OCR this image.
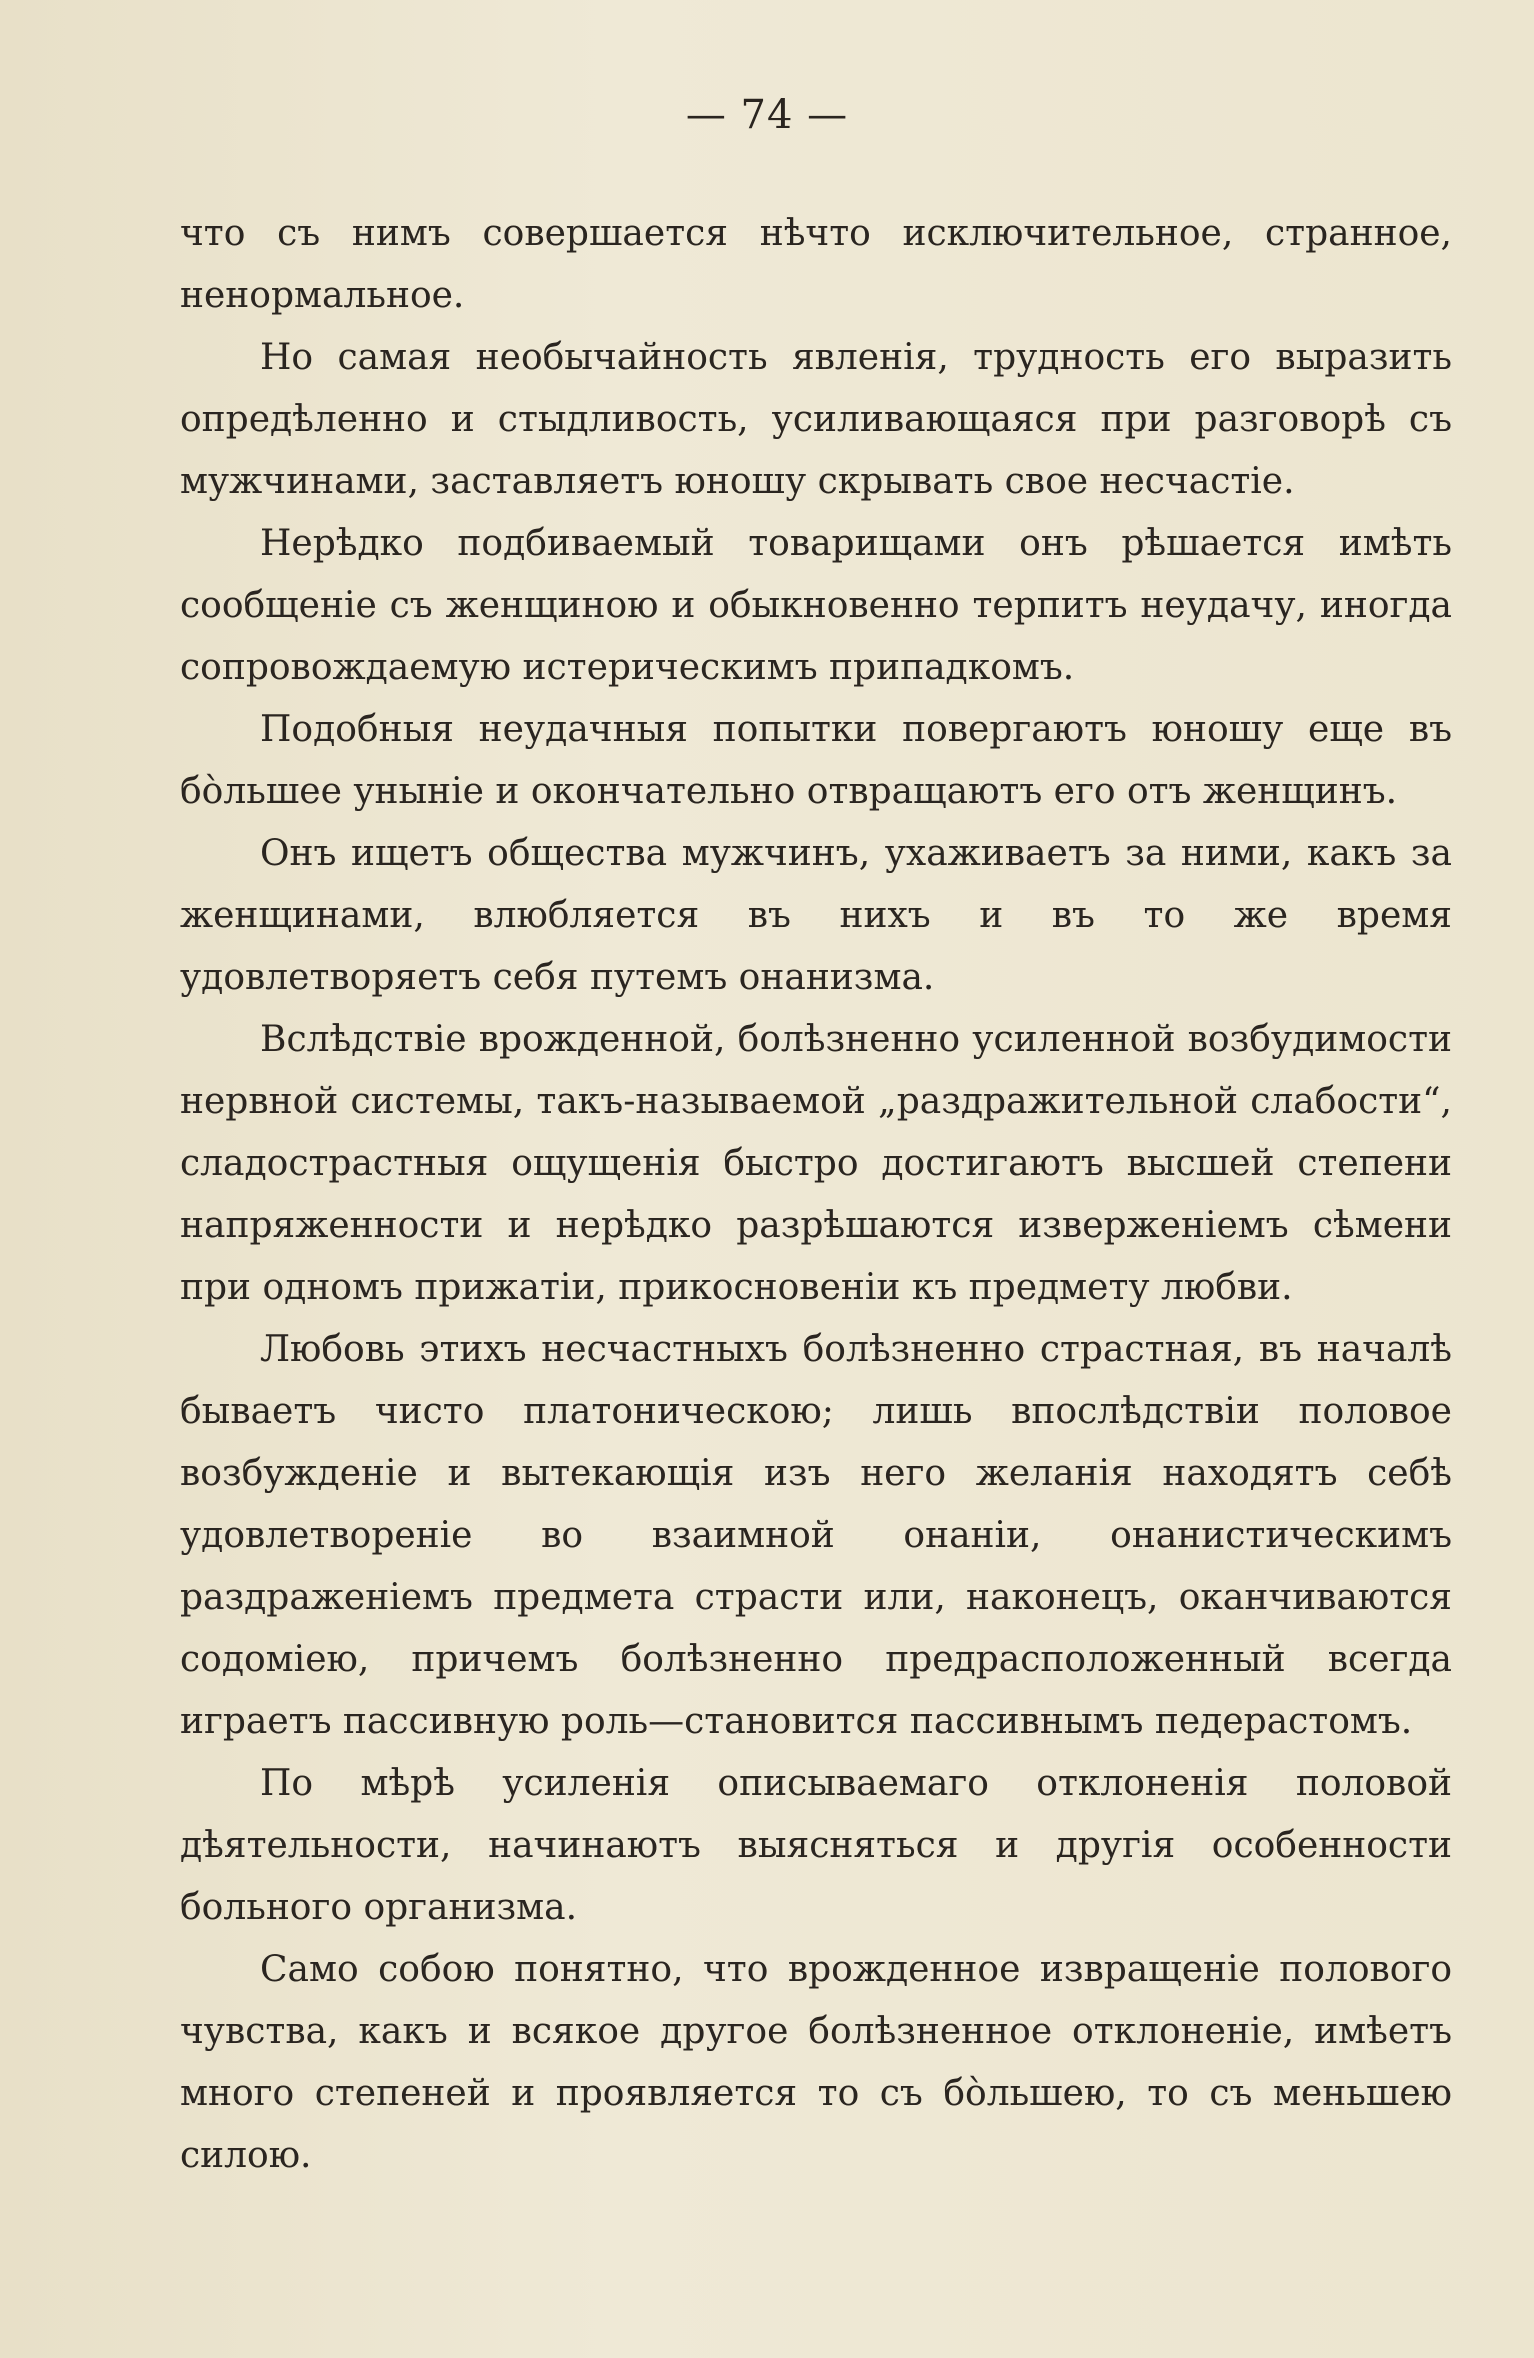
— 74 —

что съ нимъ совершается нѣчто исключительное, странное, ненормальное.

Но самая необычайность явленія, трудность его выразить опредѣленно и стыдливость, усиливающаяся при разговорѣ съ мужчинами, заставляетъ юношу скрывать свое несчастіе.

Нерѣдко подбиваемый товарищами онъ рѣшается имѣть сообщеніе съ женщиною и обыкновенно терпитъ неудачу, иногда сопровождаемую истерическимъ припадкомъ.

Подобныя неудачныя попытки повергаютъ юношу еще въ бо̀льшее уныніе и окончательно отвращаютъ его отъ женщинъ.

Онъ ищетъ общества мужчинъ, ухаживаетъ за ними, какъ за женщинами, влюбляется въ нихъ и въ то же время удовлетворяетъ себя путемъ онанизма.

Вслѣдствіе врожденной, болѣзненно усиленной возбудимости нервной системы, такъ-называемой „раздражительной слабости“, сладострастныя ощущенія быстро достигаютъ высшей степени напряженности и нерѣдко разрѣшаются изверженіемъ сѣмени при одномъ прижатіи, прикосновеніи къ предмету любви.

Любовь этихъ несчастныхъ болѣзненно страстная, въ началѣ бываетъ чисто платоническою; лишь впослѣдствіи половое возбужденіе и вытекающія изъ него желанія находятъ себѣ удовлетвореніе во взаимной онаніи, онанистическимъ раздраженіемъ предмета страсти или, наконецъ, оканчиваются содоміею, причемъ болѣзненно предрасположенный всегда играетъ пассивную роль—становится пассивнымъ педерастомъ.

По мѣрѣ усиленія описываемаго отклоненія половой дѣятельности, начинаютъ выясняться и другія особенности больного организма.

Само собою понятно, что врожденное извращеніе полового чувства, какъ и всякое другое болѣзненное отклоненіе, имѣетъ много степеней и проявляется то съ бо̀льшею, то съ меньшею силою.
